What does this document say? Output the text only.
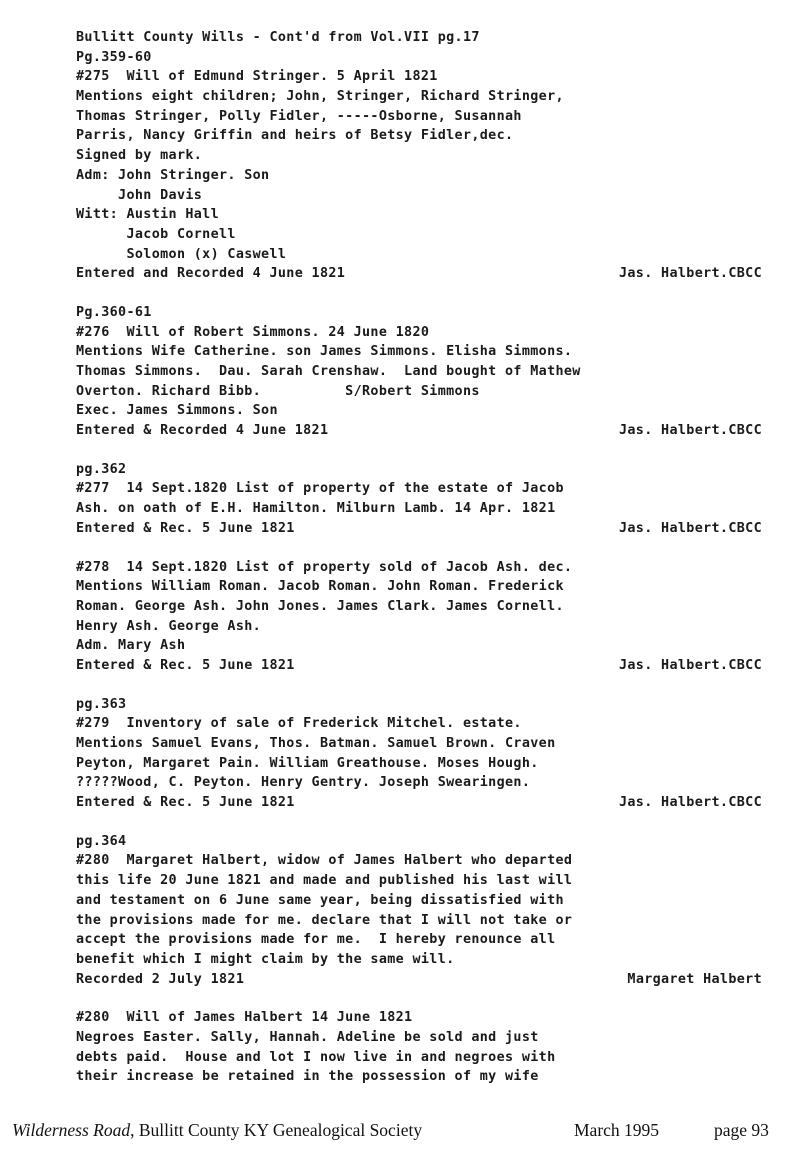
Bullitt County Wills - Cont'd from Vol.VII pg.17
Pg.359-60
#275  Will of Edmund Stringer. 5 April 1821
Mentions eight children; John, Stringer, Richard Stringer,
Thomas Stringer, Polly Fidler, -----Osborne, Susannah
Parris, Nancy Griffin and heirs of Betsy Fidler,dec.
Signed by mark.
Adm: John Stringer. Son
John Davis
Witt: Austin Hall
Jacob Cornell
Solomon (x) Caswell
Entered and Recorded 4 June 1821	Jas. Halbert.CBCC
Pg.360-61
#276  Will of Robert Simmons. 24 June 1820
Mentions Wife Catherine. son James Simmons. Elisha Simmons.
Thomas Simmons.  Dau. Sarah Crenshaw.  Land bought of Mathew
Overton. Richard Bibb.          S/Robert Simmons
Exec. James Simmons. Son
Entered & Recorded 4 June 1821	Jas. Halbert.CBCC
pg.362
#277  14 Sept.1820 List of property of the estate of Jacob
Ash. on oath of E.H. Hamilton. Milburn Lamb. 14 Apr. 1821
Entered & Rec. 5 June 1821	Jas. Halbert.CBCC
#278  14 Sept.1820 List of property sold of Jacob Ash. dec.
Mentions William Roman. Jacob Roman. John Roman. Frederick
Roman. George Ash. John Jones. James Clark. James Cornell.
Henry Ash. George Ash.
Adm. Mary Ash
Entered & Rec. 5 June 1821	Jas. Halbert.CBCC
pg.363
#279  Inventory of sale of Frederick Mitchel. estate.
Mentions Samuel Evans, Thos. Batman. Samuel Brown. Craven
Peyton, Margaret Pain. William Greathouse. Moses Hough.
?????Wood, C. Peyton. Henry Gentry. Joseph Swearingen.
Entered & Rec. 5 June 1821	Jas. Halbert.CBCC
pg.364
#280  Margaret Halbert, widow of James Halbert who departed
this life 20 June 1821 and made and published his last will
and testament on 6 June same year, being dissatisfied with
the provisions made for me. declare that I will not take or
accept the provisions made for me.  I hereby renounce all
benefit which I might claim by the same will.
Recorded 2 July 1821	Margaret Halbert
#280  Will of James Halbert 14 June 1821
Negroes Easter. Sally, Hannah. Adeline be sold and just
debts paid.  House and lot I now live in and negroes with
their increase be retained in the possession of my wife
Wilderness Road, Bullitt County KY Genealogical Society	March 1995	page 93
